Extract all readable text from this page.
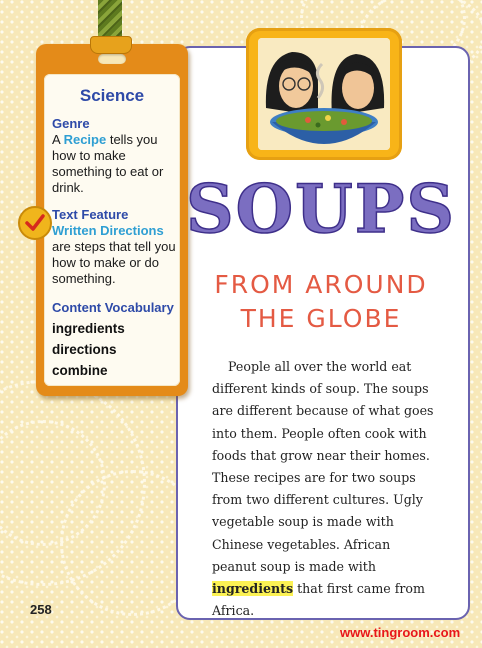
Science
Genre
A Recipe tells you how to make something to eat or drink.
Text Feature
Written Directions
are steps that tell you how to make or do something.
Content Vocabulary
ingredients
directions
combine
SOUPS
FROM AROUND
THE GLOBE
People all over the world eat different kinds of soup. The soups are different because of what goes into them. People often cook with foods that grow near their homes. These recipes are for two soups from two different cultures. Ugly vegetable soup is made with Chinese vegetables. African peanut soup is made with ingredients that first came from Africa.
258
www.tingroom.com
